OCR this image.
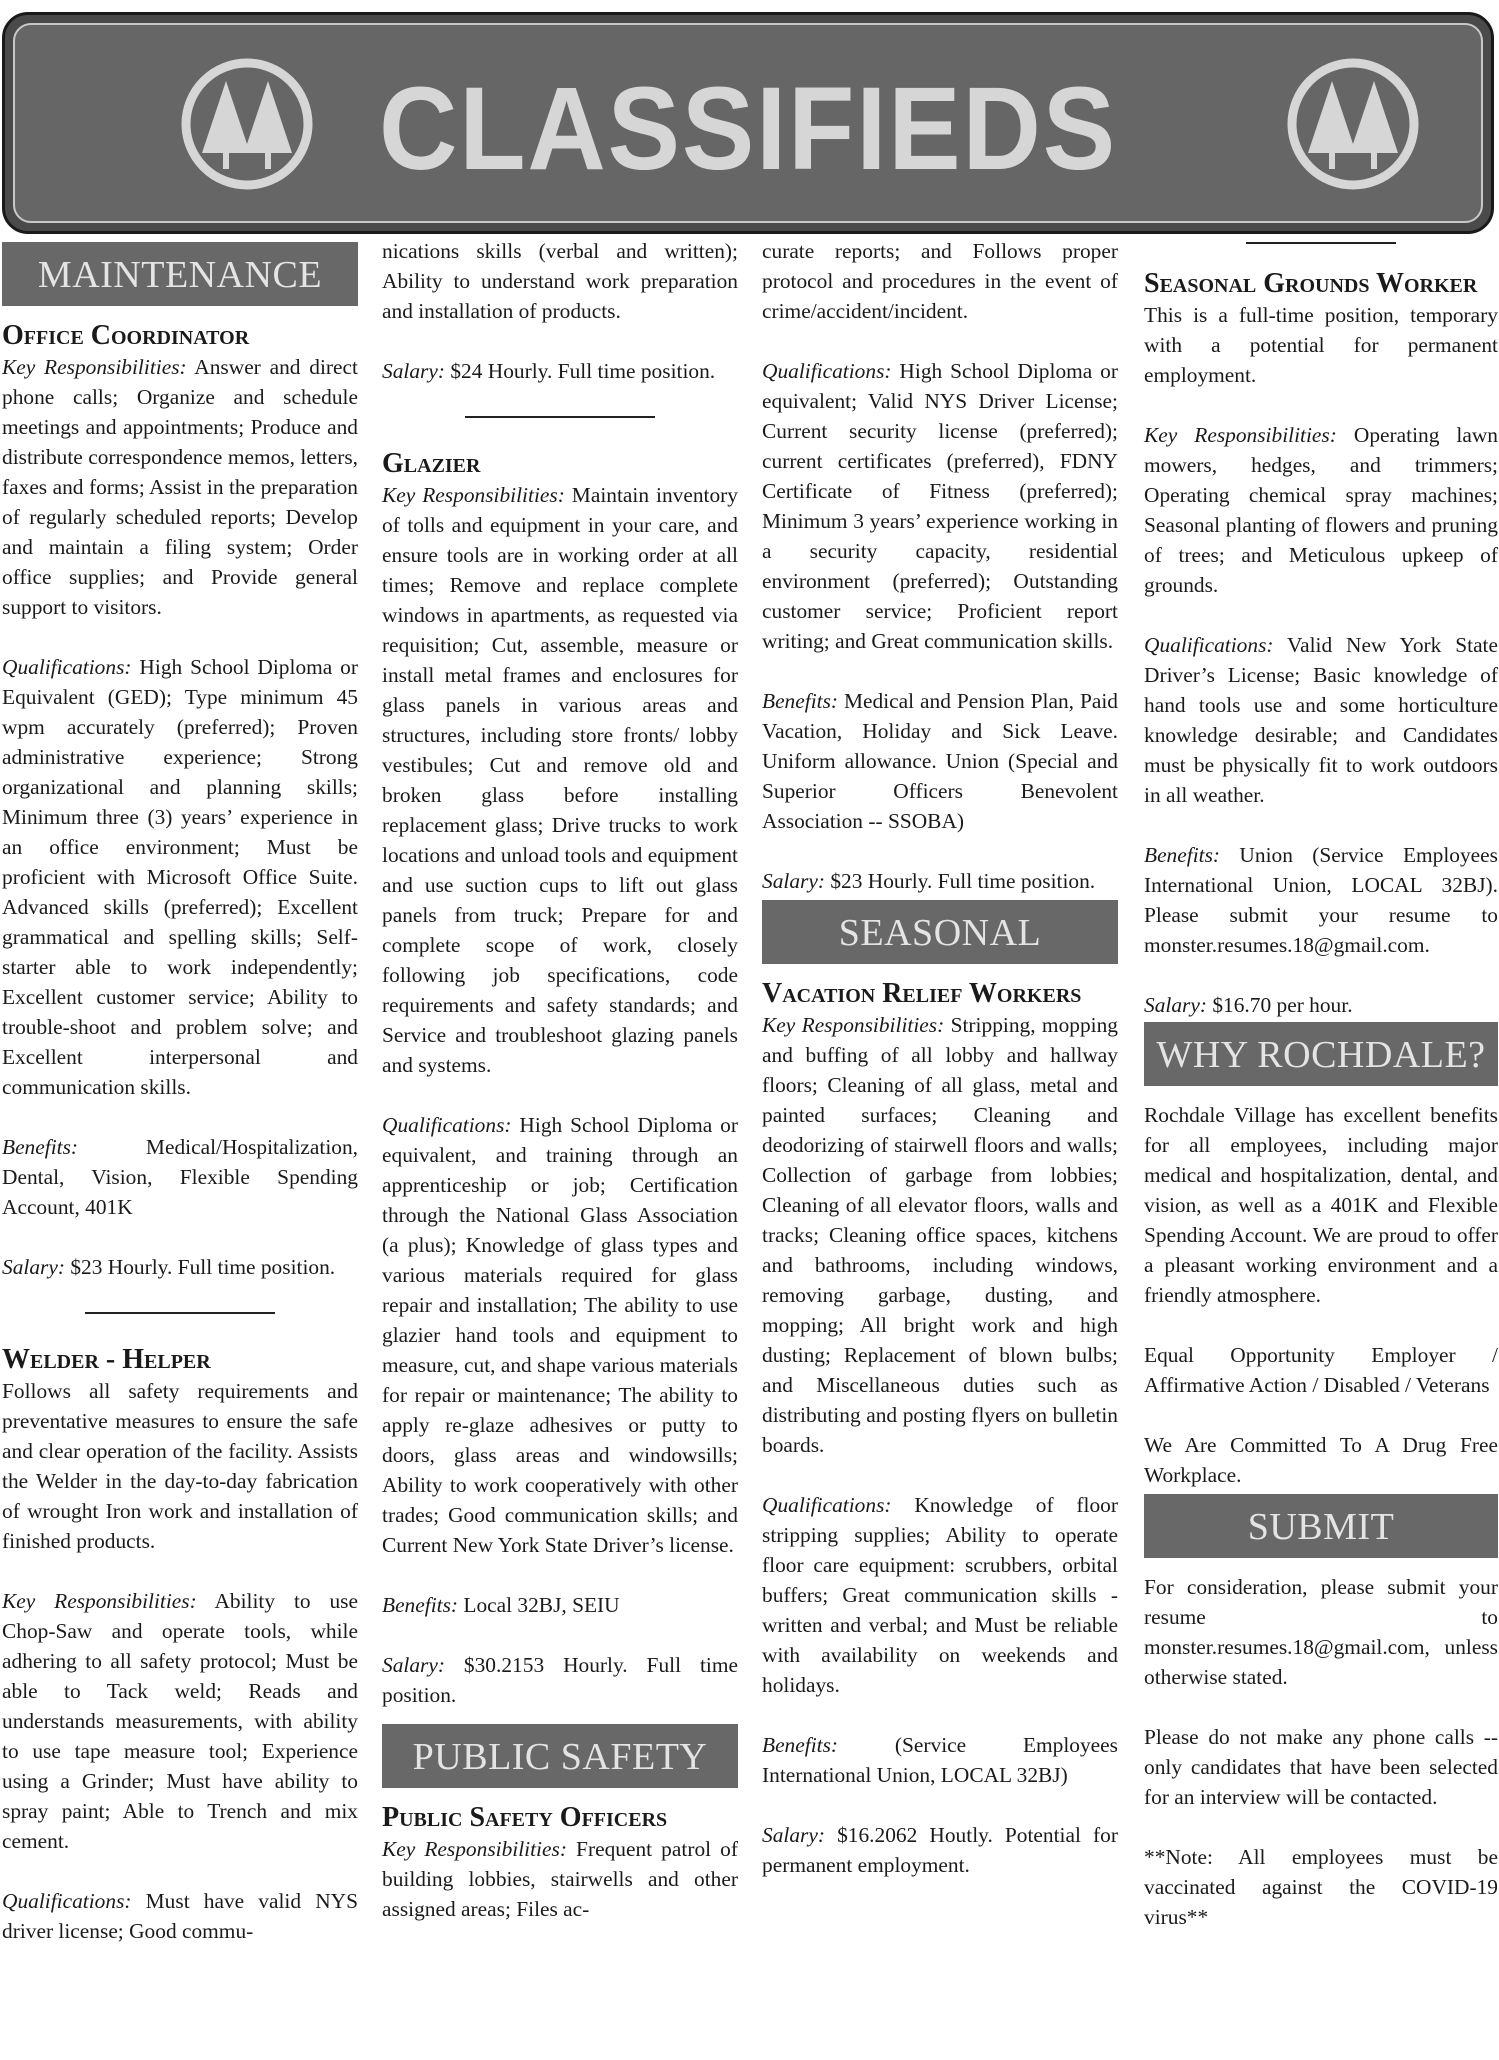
CLASSIFIEDS
MAINTENANCE
Office Coordinator

Key Responsibilities: Answer and direct phone calls; Organize and schedule meetings and appointments; Produce and distribute correspondence memos, letters, faxes and forms; Assist in the preparation of regularly scheduled reports; Develop and maintain a filing system; Order office supplies; and Provide general support to visitors.

Qualifications: High School Diploma or Equivalent (GED); Type minimum 45 wpm accurately (preferred); Proven administrative experience; Strong organizational and planning skills; Minimum three (3) years’ experience in an office environment; Must be proficient with Microsoft Office Suite. Advanced skills (preferred); Excellent grammatical and spelling skills; Self-starter able to work independently; Excellent customer service; Ability to trouble-shoot and problem solve; and Excellent interpersonal and communication skills.

Benefits: Medical/Hospitalization, Dental, Vision, Flexible Spending Account, 401K

Salary: $23 Hourly. Full time position.

Welder - Helper

Follows all safety requirements and preventative measures to ensure the safe and clear operation of the facility. Assists the Welder in the day-to-day fabrication of wrought Iron work and installation of finished products.

Key Responsibilities: Ability to use Chop-Saw and operate tools, while adhering to all safety protocol; Must be able to Tack weld; Reads and understands measurements, with ability to use tape measure tool; Experience using a Grinder; Must have ability to spray paint; Able to Trench and mix cement.

Qualifications: Must have valid NYS driver license; Good commu-

nications skills (verbal and written); Ability to understand work preparation and installation of products.

Salary: $24 Hourly. Full time position.

Glazier

Key Responsibilities: Maintain inventory of tolls and equipment in your care, and ensure tools are in working order at all times; Remove and replace complete windows in apartments, as requested via requisition; Cut, assemble, measure or install metal frames and enclosures for glass panels in various areas and structures, including store fronts/ lobby vestibules; Cut and remove old and broken glass before installing replacement glass; Drive trucks to work locations and unload tools and equipment and use suction cups to lift out glass panels from truck; Prepare for and complete scope of work, closely following job specifications, code requirements and safety standards; and Service and troubleshoot glazing panels and systems.

Qualifications: High School Diploma or equivalent, and training through an apprenticeship or job; Certification through the National Glass Association (a plus); Knowledge of glass types and various materials required for glass repair and installation; The ability to use glazier hand tools and equipment to measure, cut, and shape various materials for repair or maintenance; The ability to apply re-glaze adhesives or putty to doors, glass areas and windowsills; Ability to work cooperatively with other trades; Good communication skills; and Current New York State Driver’s license.

Benefits: Local 32BJ, SEIU

Salary: $30.2153 Hourly. Full time position.

PUBLIC SAFETY
Public Safety Officers

Key Responsibilities: Frequent patrol of building lobbies, stairwells and other assigned areas; Files ac-

curate reports; and Follows proper protocol and procedures in the event of crime/accident/incident.

Qualifications: High School Diploma or equivalent; Valid NYS Driver License; Current security license (preferred); current certificates (preferred), FDNY Certificate of Fitness (preferred); Minimum 3 years’ experience working in a security capacity, residential environment (preferred); Outstanding customer service; Proficient report writing; and Great communication skills.

Benefits: Medical and Pension Plan, Paid Vacation, Holiday and Sick Leave. Uniform allowance. Union (Special and Superior Officers Benevolent Association -- SSOBA)

Salary: $23 Hourly. Full time position.

SEASONAL
Vacation Relief Workers

Key Responsibilities: Stripping, mopping and buffing of all lobby and hallway floors; Cleaning of all glass, metal and painted surfaces; Cleaning and deodorizing of stairwell floors and walls; Collection of garbage from lobbies; Cleaning of all elevator floors, walls and tracks; Cleaning office spaces, kitchens and bathrooms, including windows, removing garbage, dusting, and mopping; All bright work and high dusting; Replacement of blown bulbs; and Miscellaneous duties such as distributing and posting flyers on bulletin boards.

Qualifications: Knowledge of floor stripping supplies; Ability to operate floor care equipment: scrubbers, orbital buffers; Great communication skills - written and verbal; and Must be reliable with availability on weekends and holidays.

Benefits: (Service Employees International Union, LOCAL 32BJ)

Salary: $16.2062 Houtly. Potential for permanent employment.

Seasonal Grounds Worker

This is a full-time position, temporary with a potential for permanent employment.

Key Responsibilities: Operating lawn mowers, hedges, and trimmers; Operating chemical spray machines; Seasonal planting of flowers and pruning of trees; and Meticulous upkeep of grounds.

Qualifications: Valid New York State Driver’s License; Basic knowledge of hand tools use and some horticulture knowledge desirable; and Candidates must be physically fit to work outdoors in all weather.

Benefits: Union (Service Employees International Union, LOCAL 32BJ). Please submit your resume to monster.resumes.18@gmail.com.

Salary: $16.70 per hour.

WHY ROCHDALE?

Rochdale Village has excellent benefits for all employees, including major medical and hospitalization, dental, and vision, as well as a 401K and Flexible Spending Account. We are proud to offer a pleasant working environment and a friendly atmosphere.

Equal Opportunity Employer / Affirmative Action / Disabled / Veterans

We Are Committed To A Drug Free Workplace.

SUBMIT

For consideration, please submit your resume to monster.resumes.18@gmail.com, unless otherwise stated.

Please do not make any phone calls -- only candidates that have been selected for an interview will be contacted.

**Note: All employees must be vaccinated against the COVID-19 virus**
